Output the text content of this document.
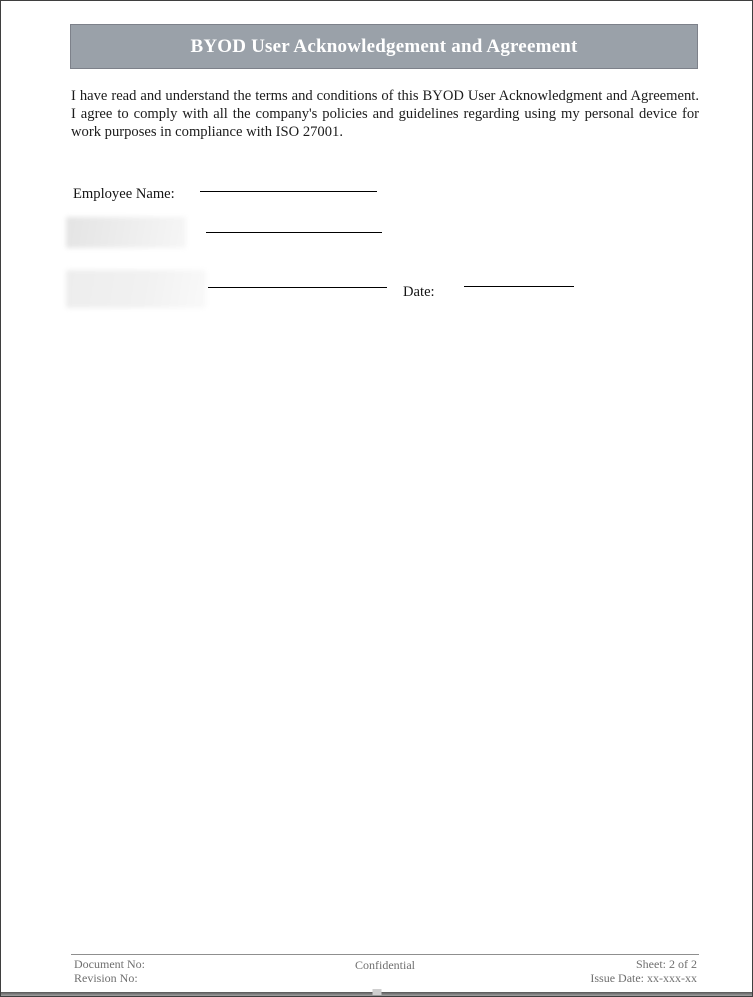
BYOD User Acknowledgement and Agreement
I have read and understand the terms and conditions of this BYOD User Acknowledgment and Agreement. I agree to comply with all the company's policies and guidelines regarding using my personal device for work purposes in compliance with ISO 27001.
Employee Name:
Date:
Document No:
Revision No:
Confidential	Sheet: 2 of 2
Issue Date: xx-xxx-xx
